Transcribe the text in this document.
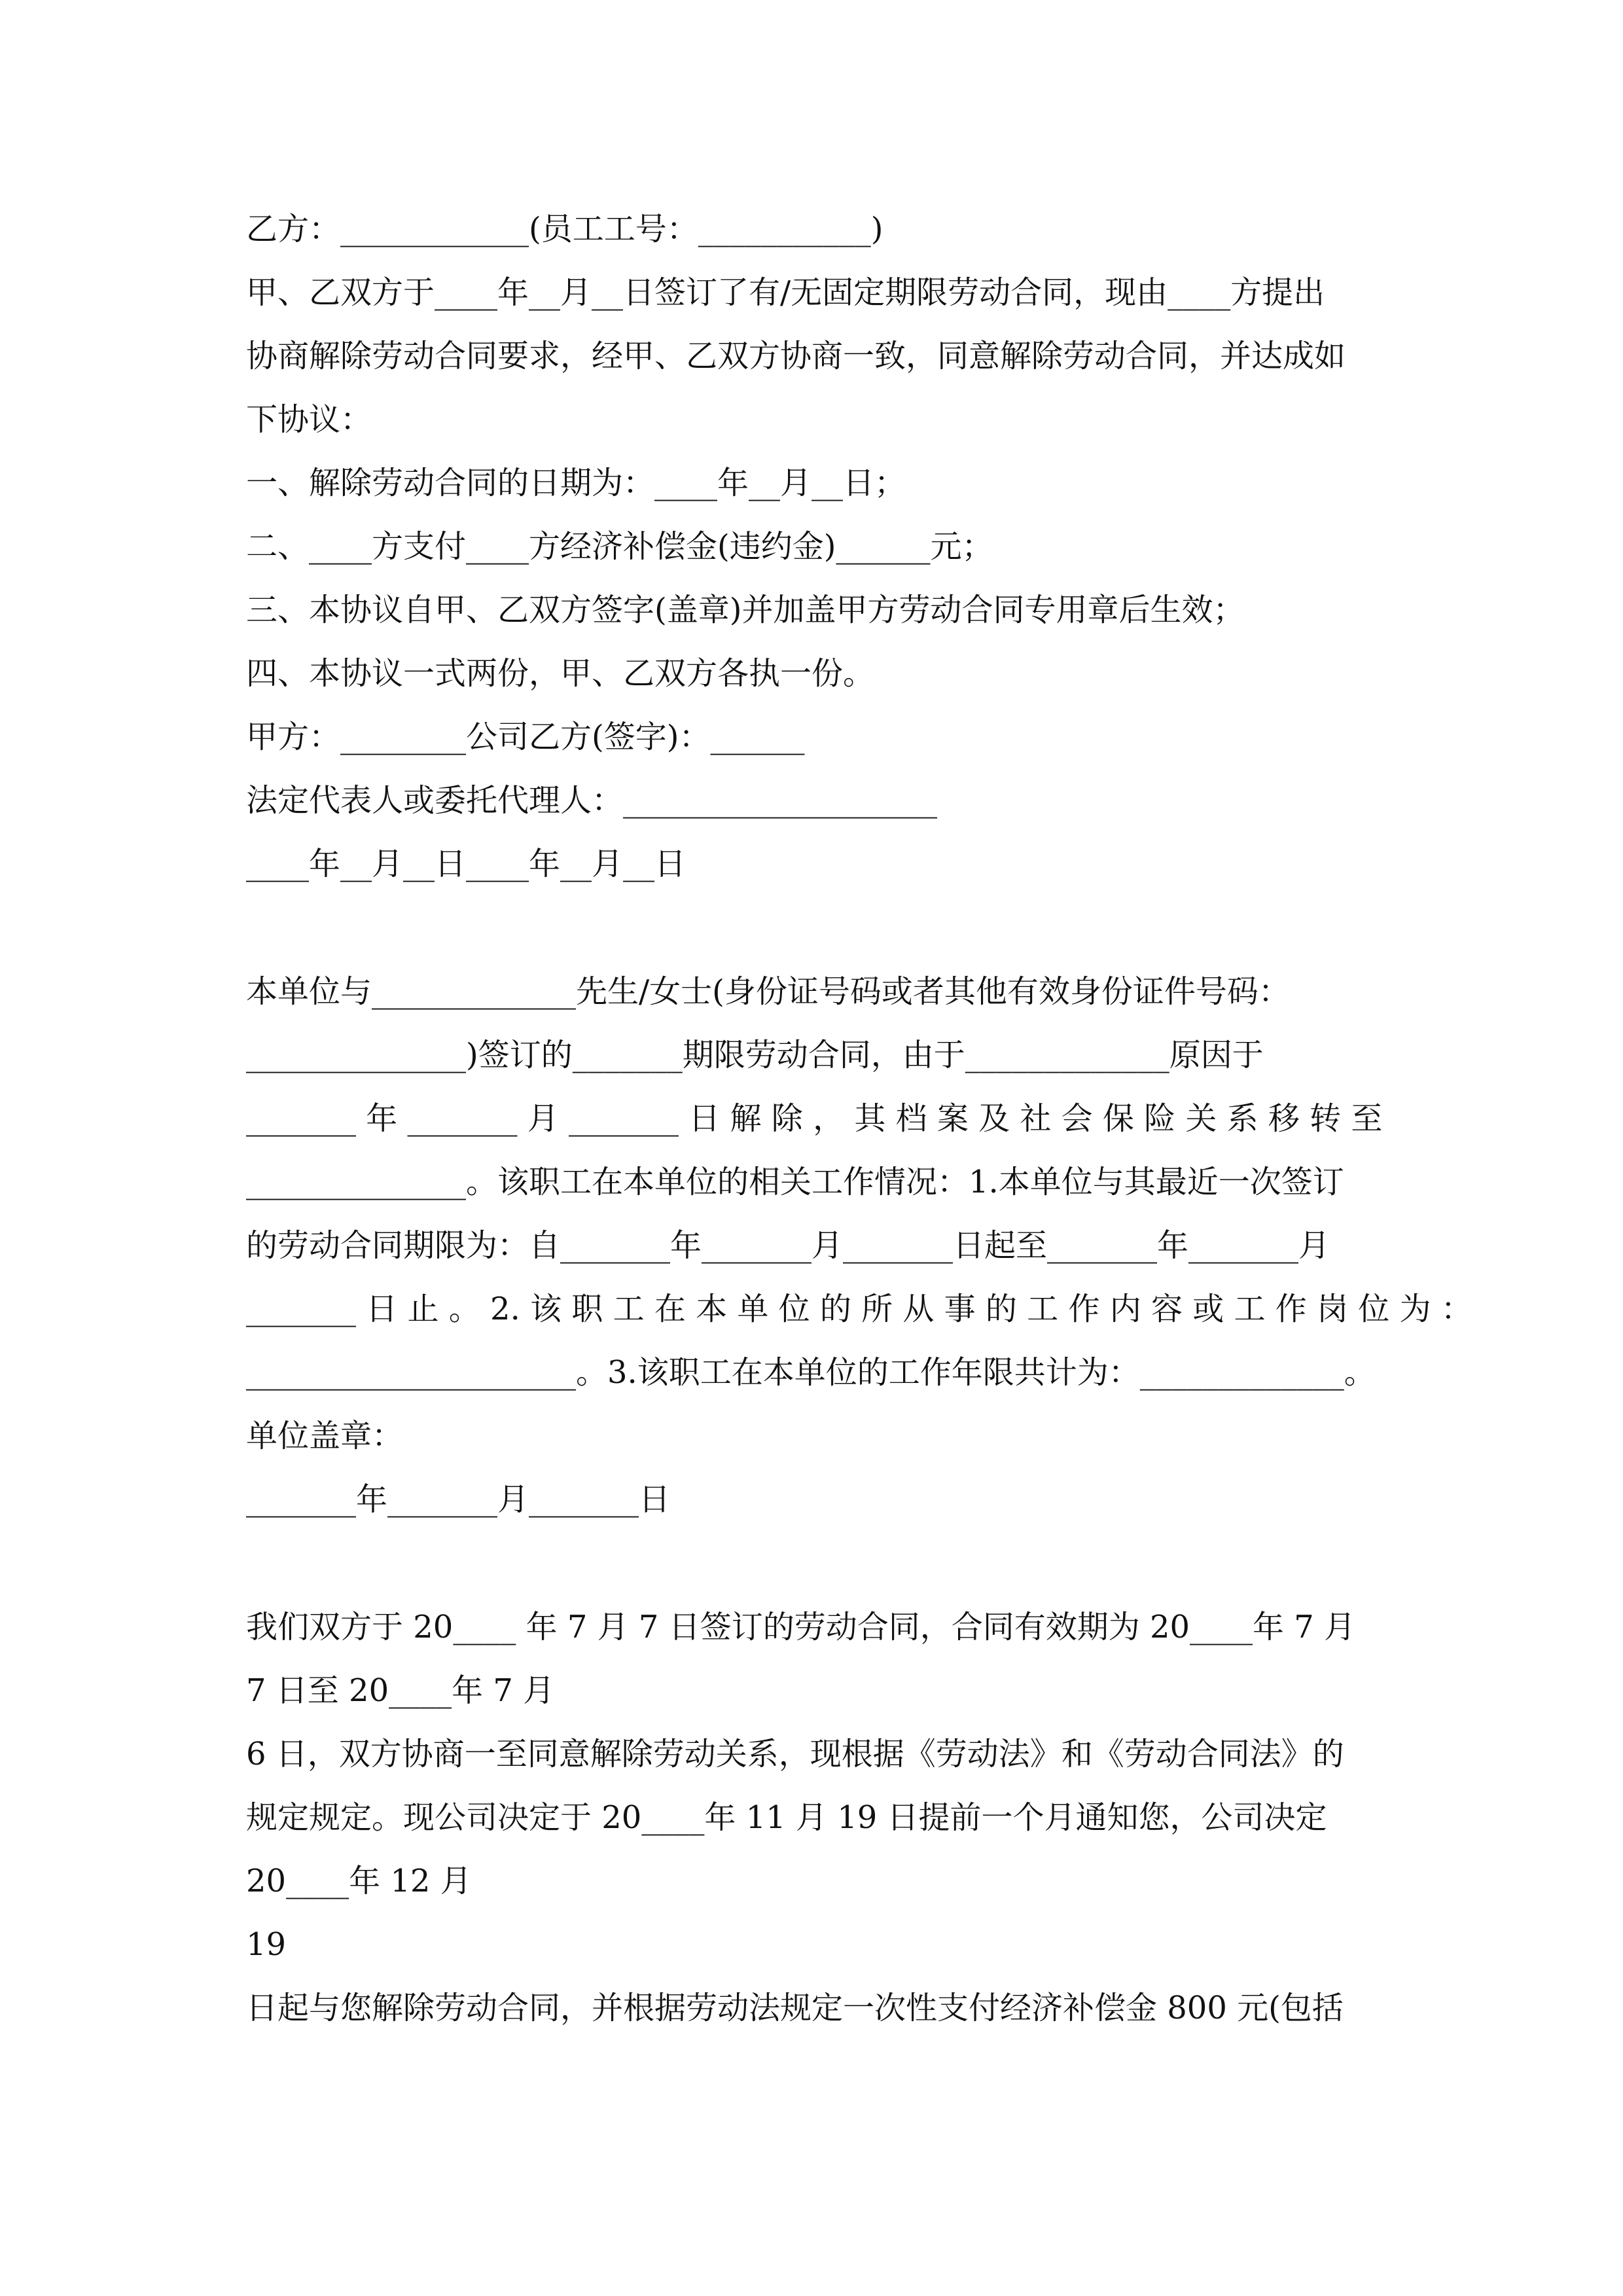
乙方：____________(员工工号：___________)
甲、乙双方于____年__月__日签订了有/无固定期限劳动合同，现由____方提出
协商解除劳动合同要求，经甲、乙双方协商一致，同意解除劳动合同，并达成如
下协议：
一、解除劳动合同的日期为：____年__月__日；
二、____方支付____方经济补偿金(违约金)______元；
三、本协议自甲、乙双方签字(盖章)并加盖甲方劳动合同专用章后生效；
四、本协议一式两份，甲、乙双方各执一份。
甲方：________公司乙方(签字)：______
法定代表人或委托代理人：____________________
____年__月__日____年__月__日
本单位与_____________先生/女士(身份证号码或者其他有效身份证件号码：
______________)签订的_______期限劳动合同，由于_____________原因于
_______ 年 _______ 月 _______ 日 解 除 ， 其 档 案 及 社 会 保 险 关 系 移 转 至
______________。该职工在本单位的相关工作情况：1.本单位与其最近一次签订
的劳动合同期限为：自_______年_______月_______日起至_______年_______月
_______ 日 止 。 2. 该 职 工 在 本 单 位 的 所 从 事 的 工 作 内 容 或 工 作 岗 位 为 ：
_____________________。3.该职工在本单位的工作年限共计为：_____________。
单位盖章：
_______年_______月_______日
我们双方于 20____ 年 7 月 7 日签订的劳动合同，合同有效期为 20____年 7 月
7 日至 20____年 7 月
6 日，双方协商一至同意解除劳动关系，现根据《劳动法》和《劳动合同法》的
规定规定。现公司决定于 20____年 11 月 19 日提前一个月通知您，公司决定
20____年 12 月
19
日起与您解除劳动合同，并根据劳动法规定一次性支付经济补偿金 800 元(包括
